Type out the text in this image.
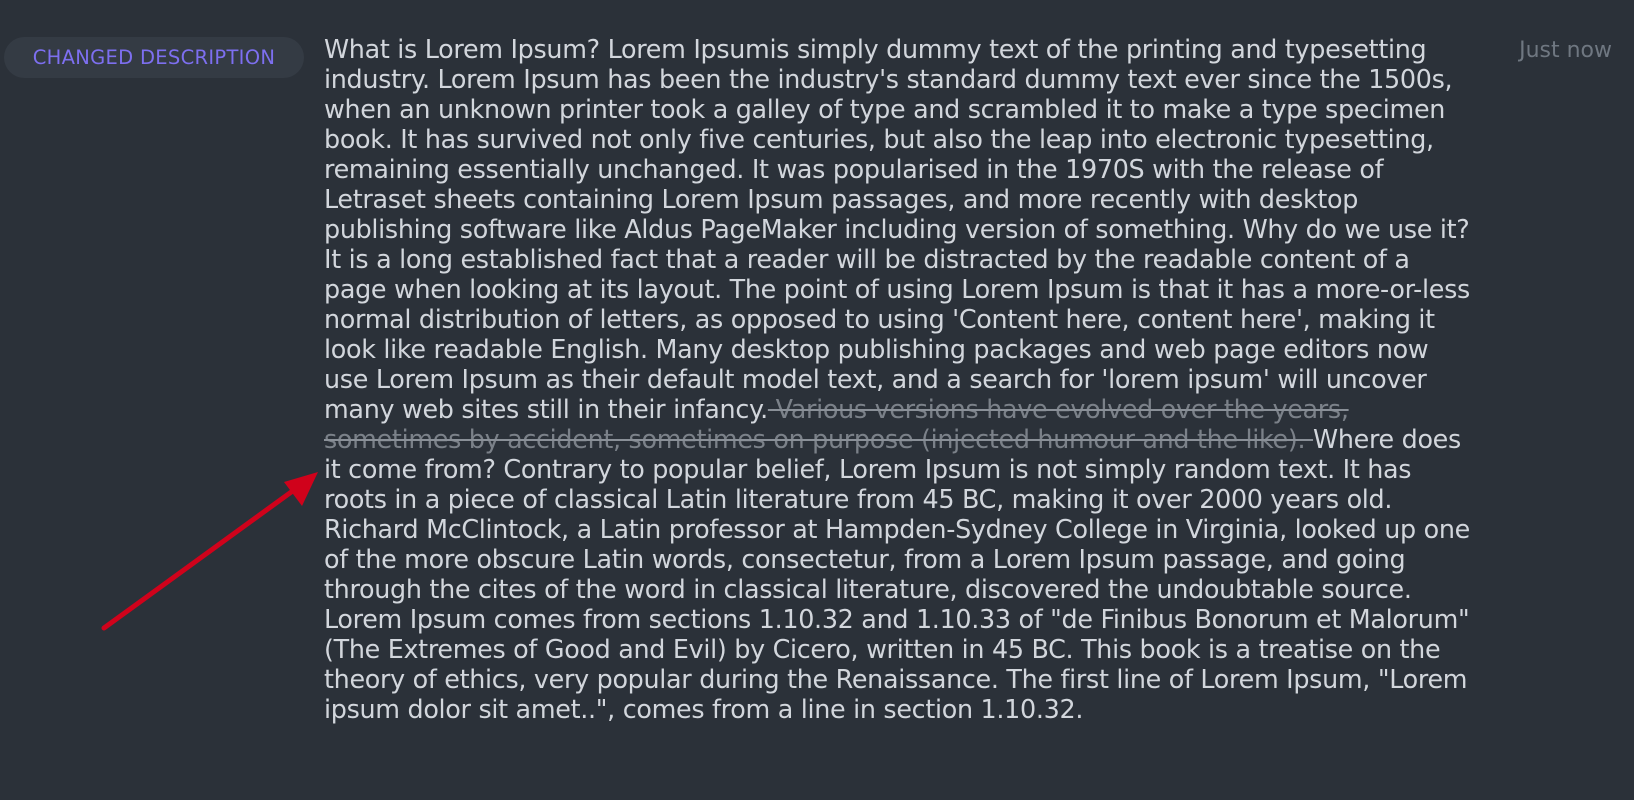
CHANGED DESCRIPTION	Just now

What is Lorem Ipsum? Lorem Ipsumis simply dummy text of the printing and typesetting industry. Lorem Ipsum has been the industry's standard dummy text ever since the 1500s, when an unknown printer took a galley of type and scrambled it to make a type specimen book. It has survived not only five centuries, but also the leap into electronic typesetting, remaining essentially unchanged. It was popularised in the 1970S with the release of Letraset sheets containing Lorem Ipsum passages, and more recently with desktop publishing software like Aldus PageMaker including version of something. Why do we use it? It is a long established fact that a reader will be distracted by the readable content of a page when looking at its layout. The point of using Lorem Ipsum is that it has a more-or-less normal distribution of letters, as opposed to using 'Content here, content here', making it look like readable English. Many desktop publishing packages and web page editors now use Lorem Ipsum as their default model text, and a search for 'lorem ipsum' will uncover many web sites still in their infancy. Various versions have evolved over the years, sometimes by accident, sometimes on purpose (injected humour and the like). Where does it come from? Contrary to popular belief, Lorem Ipsum is not simply random text. It has roots in a piece of classical Latin literature from 45 BC, making it over 2000 years old. Richard McClintock, a Latin professor at Hampden-Sydney College in Virginia, looked up one of the more obscure Latin words, consectetur, from a Lorem Ipsum passage, and going through the cites of the word in classical literature, discovered the undoubtable source. Lorem Ipsum comes from sections 1.10.32 and 1.10.33 of "de Finibus Bonorum et Malorum" (The Extremes of Good and Evil) by Cicero, written in 45 BC. This book is a treatise on the theory of ethics, very popular during the Renaissance. The first line of Lorem Ipsum, "Lorem ipsum dolor sit amet..", comes from a line in section 1.10.32.
